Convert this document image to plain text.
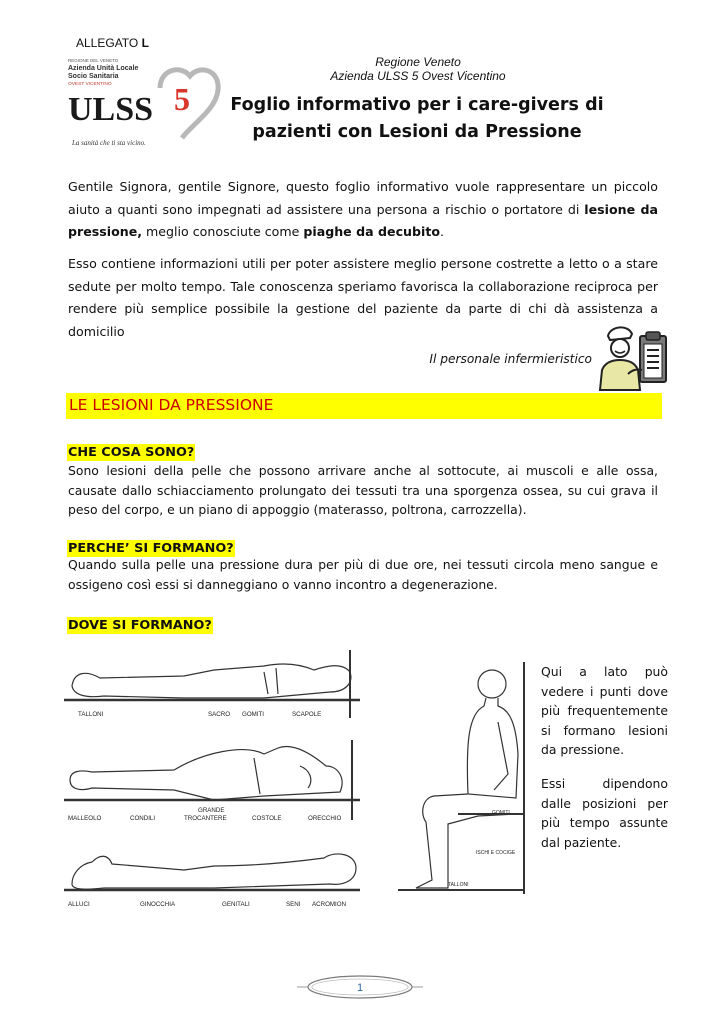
ALLEGATO L
REGIONE DEL VENETO
Azienda Unità Locale
Socio Sanitaria
OVEST VICENTINO
ULSS 5
La sanità che ti sta vicino.
Regione Veneto
Azienda ULSS 5 Ovest Vicentino
Foglio informativo per i care-givers di
pazienti con Lesioni da Pressione

Gentile Signora, gentile Signore, questo foglio informativo vuole rappresentare un piccolo aiuto a quanti sono impegnati ad assistere una persona a rischio o portatore di lesione da pressione, meglio conosciute come piaghe da decubito.

Esso contiene informazioni utili per poter assistere meglio persone costrette a letto o a stare sedute per molto tempo. Tale conoscenza speriamo favorisca la collaborazione reciproca per rendere più semplice possibile la gestione del paziente da parte di chi dà assistenza a domicilio

Il personale infermieristico
LE LESIONI DA PRESSIONE
CHE COSA SONO?
Sono lesioni della pelle che possono arrivare anche al sottocute, ai muscoli e alle ossa, causate dallo schiacciamento prolungato dei tessuti tra una sporgenza ossea, su cui grava il peso del corpo, e un piano di appoggio (materasso, poltrona, carrozzella).
PERCHE’ SI FORMANO?
Quando sulla pelle una pressione dura per più di due ore, nei tessuti circola meno sangue e ossigeno così essi si danneggiano o vanno incontro a degenerazione.
DOVE SI FORMANO?
TALLONI	SACRO GOMITI	SCAPOLE
MALLEOLO	CONDILI
GRANDE
TROCANTERE	COSTOLE	ORECCHIO
ALLUCI	GINOCCHIA	GENITALI	SENI ACROMION
GOMITI
ISCHI E COCIGE
TALLONI
Qui a lato può vedere i punti dove più frequentemente si formano lesioni da pressione.
Essi dipendono dalle posizioni per più tempo assunte dal paziente.
1
